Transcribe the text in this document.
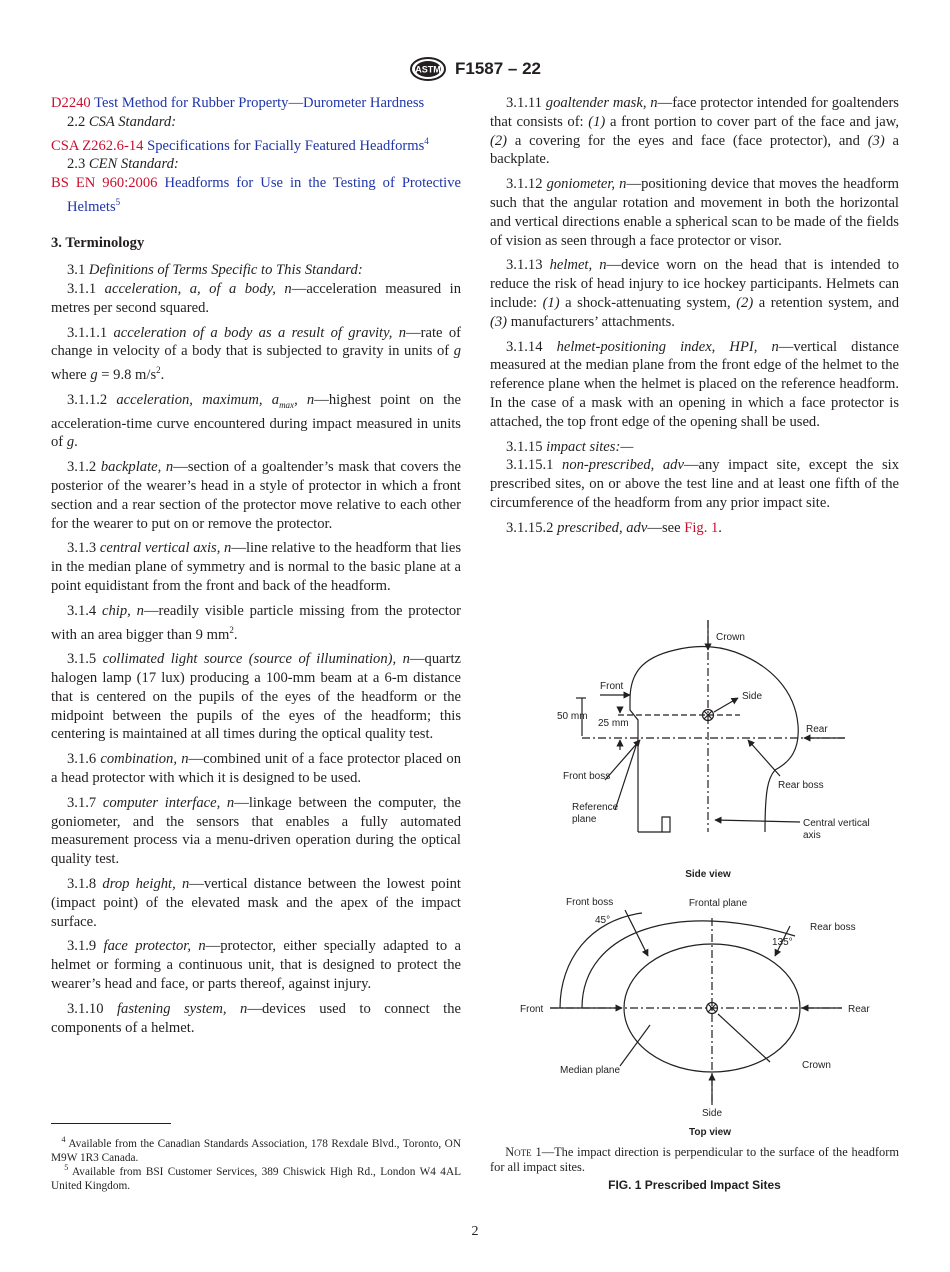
ASTM F1587 – 22

D2240 Test Method for Rubber Property—Durometer Hardness

2.2 CSA Standard:

CSA Z262.6-14 Specifications for Facially Featured Headforms$^4$

2.3 CEN Standard:

BS EN 960:2006 Headforms for Use in the Testing of Protective Helmets$^5$

3. Terminology

3.1 Definitions of Terms Specific to This Standard:

3.1.1 acceleration, a, of a body, n—acceleration measured in metres per second squared.

3.1.1.1 acceleration of a body as a result of gravity, n—rate of change in velocity of a body that is subjected to gravity in units of g where g = 9.8 $m/s^2$.

3.1.1.2 acceleration, maximum, $a_{max}$, n—highest point on the acceleration-time curve encountered during impact measured in units of g.

3.1.2 backplate, n—section of a goaltender’s mask that covers the posterior of the wearer’s head in a style of protector in which a front section and a rear section of the protector move relative to each other for the wearer to put on or remove the protector.

3.1.3 central vertical axis, n—line relative to the headform that lies in the median plane of symmetry and is normal to the basic plane at a point equidistant from the front and back of the headform.

3.1.4 chip, n—readily visible particle missing from the protector with an area bigger than 9 $mm^2$.

3.1.5 collimated light source (source of illumination), n—quartz halogen lamp (17 lux) producing a 100-mm beam at a 6-m distance that is centered on the pupils of the eyes of the headform or the midpoint between the pupils of the eyes of the headform; this centering is maintained at all times during the optical quality test.

3.1.6 combination, n—combined unit of a face protector placed on a head protector with which it is designed to be used.

3.1.7 computer interface, n—linkage between the computer, the goniometer, and the sensors that enables a fully automated measurement process via a menu-driven operation during the optical quality test.

3.1.8 drop height, n—vertical distance between the lowest point (impact point) of the elevated mask and the apex of the impact surface.

3.1.9 face protector, n—protector, either specially adapted to a helmet or forming a continuous unit, that is designed to protect the wearer’s head and face, or parts thereof, against injury.

3.1.10 fastening system, n—devices used to connect the components of a helmet.

$^4$ Available from the Canadian Standards Association, 178 Rexdale Blvd., Toronto, ON M9W 1R3 Canada.
$^5$ Available from BSI Customer Services, 389 Chiswick High Rd., London W4 4AL United Kingdom.

3.1.11 goaltender mask, n—face protector intended for goaltenders that consists of: (1) a front portion to cover part of the face and jaw, (2) a covering for the eyes and face (face protector), and (3) a backplate.

3.1.12 goniometer, n—positioning device that moves the headform such that the angular rotation and movement in both the horizontal and vertical directions enable a spherical scan to be made of the fields of vision as seen through a face protector or visor.

3.1.13 helmet, n—device worn on the head that is intended to reduce the risk of head injury to ice hockey participants. Helmets can include: (1) a shock-attenuating system, (2) a retention system, and (3) manufacturers’ attachments.

3.1.14 helmet-positioning index, HPI, n—vertical distance measured at the median plane from the front edge of the helmet to the reference plane when the helmet is placed on the reference headform. In the case of a mask with an opening in which a face protector is attached, the top front edge of the opening shall be used.

3.1.15 impact sites:—

3.1.15.1 non-prescribed, adv—any impact site, except the six prescribed sites, on or above the test line and at least one fifth of the circumference of the headform from any prior impact site.

3.1.15.2 prescribed, adv—see Fig. 1.

Crown
Front
Side
50 mm
25 mm
Rear
Front boss
Rear boss
Reference
plane	Central vertical
axis
Side view
Front boss	Frontal plane
Rear boss
45°
135°
Front	Rear
Median plane	Crown
Side
Top view
Note 1—The impact direction is perpendicular to the surface of the headform for all impact sites.
FIG. 1 Prescribed Impact Sites
2
